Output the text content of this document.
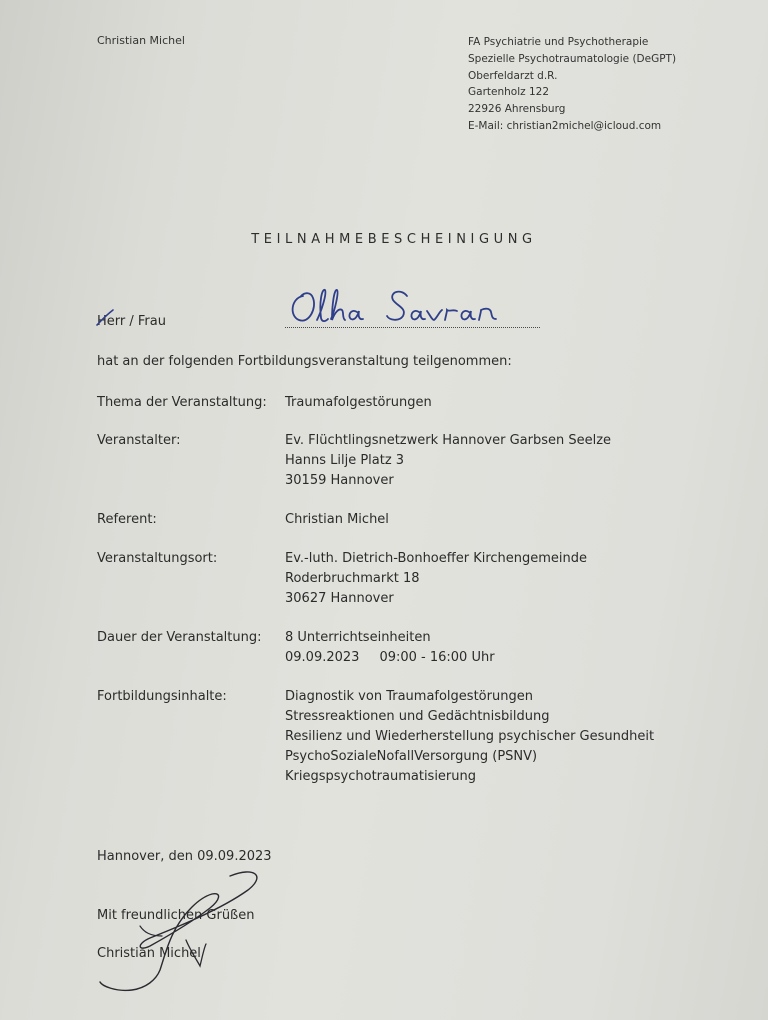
Christian Michel	FA Psychiatrie und Psychotherapie
Spezielle Psychotraumatologie (DeGPT)
Oberfeldarzt d.R.
Gartenholz 122
22926 Ahrensburg
E-Mail: christian2michel@icloud.com
TEILNAHMEBESCHEINIGUNG
Herr
/ Frau
hat an der folgenden Fortbildungsveranstaltung teilgenommen:
Thema der Veranstaltung: Traumafolgestörungen
Veranstalter:	Ev. Flüchtlingsnetzwerk Hannover Garbsen Seelze
Hanns Lilje Platz 3
30159 Hannover
Referent:	Christian Michel
Veranstaltungsort:	Ev.-luth. Dietrich-Bonhoeffer Kirchengemeinde
Roderbruchmarkt 18
30627 Hannover
Dauer der Veranstaltung: 8 Unterrichtseinheiten
09.09.2023 09:00 - 16:00 Uhr
Fortbildungsinhalte:	Diagnostik von Traumafolgestörungen
Stressreaktionen und Gedächtnisbildung
Resilienz und Wiederherstellung psychischer Gesundheit
PsychoSozialeNofallVersorgung (PSNV)
Kriegspsychotraumatisierung
Hannover, den 09.09.2023
Mit freundlichen Grüßen
Christian Michel
